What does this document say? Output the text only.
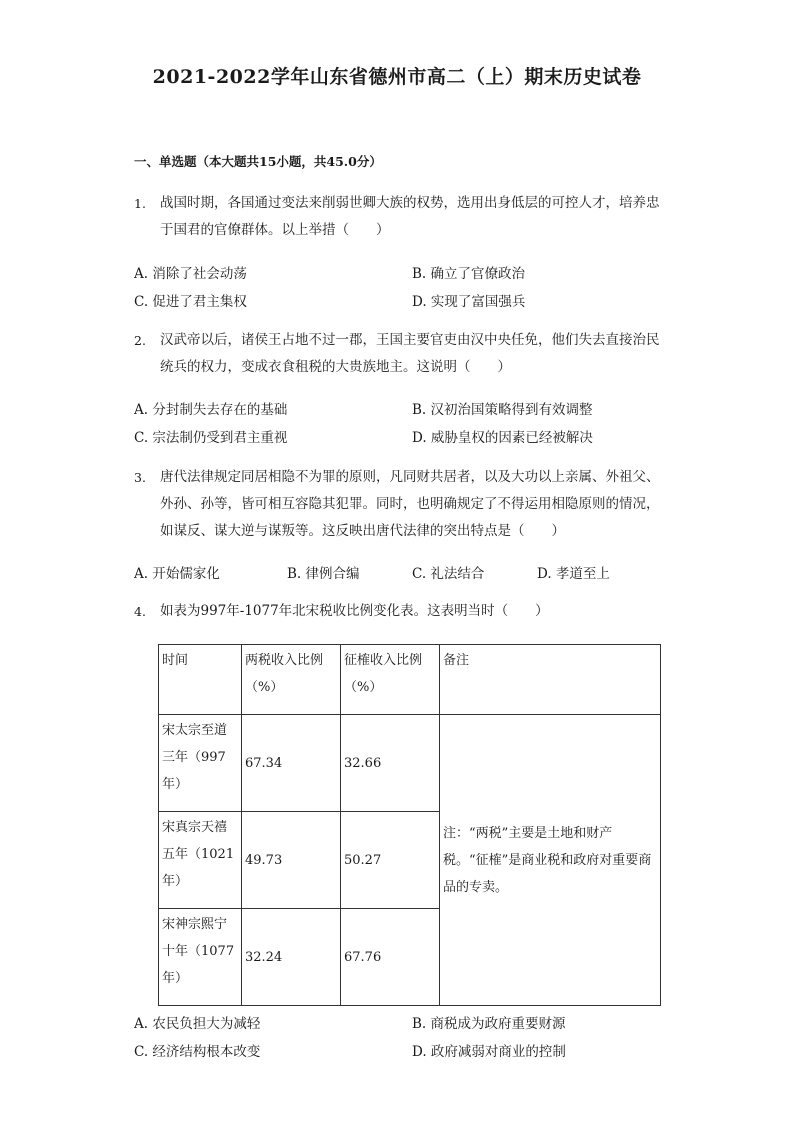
2021-2022学年山东省德州市高二（上）期末历史试卷
一、单选题（本大题共15小题，共45.0分）
1. 战国时期，各国通过变法来削弱世卿大族的权势，选用出身低层的可控人才，培养忠于国君的官僚群体。以上举措（　　）
A. 消除了社会动荡	B. 确立了官僚政治
C. 促进了君主集权	D. 实现了富国强兵
2. 汉武帝以后，诸侯王占地不过一郡，王国主要官吏由汉中央任免，他们失去直接治民统兵的权力，变成衣食租税的大贵族地主。这说明（　　）
A. 分封制失去存在的基础	B. 汉初治国策略得到有效调整
C. 宗法制仍受到君主重视	D. 威胁皇权的因素已经被解决
3. 唐代法律规定同居相隐不为罪的原则，凡同财共居者，以及大功以上亲属、外祖父、外孙、孙等，皆可相互容隐其犯罪。同时，也明确规定了不得运用相隐原则的情况，如谋反、谋大逆与谋叛等。这反映出唐代法律的突出特点是（　　）
A. 开始儒家化	B. 律例合编	C. 礼法结合	D. 孝道至上
4. 如表为997年-1077年北宋税收比例变化表。这表明当时（　　）
时间	两税收入比例（%）	征榷收入比例（%）	备注
宋太宗至道三年（997年）	67.34	32.66	注：“两税”主要是土地和财产税。“征榷”是商业税和政府对重要商品的专卖。
宋真宗天禧五年（1021年）	49.73	50.27	
宋神宗熙宁十年（1077年）	32.24	67.76	
A. 农民负担大为减轻	B. 商税成为政府重要财源
C. 经济结构根本改变	D. 政府减弱对商业的控制
